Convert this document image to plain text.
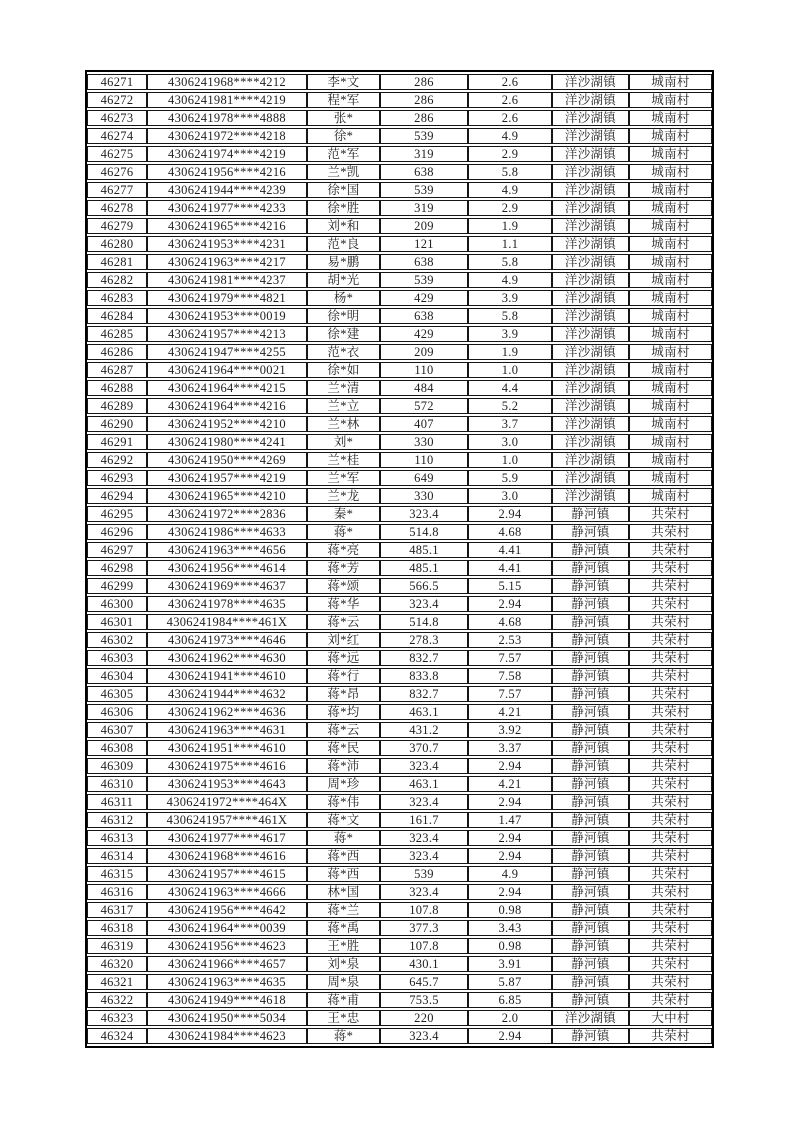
46271	4306241968****4212	李*文	286	2.6	洋沙湖镇	城南村
46272	4306241981****4219	程*军	286	2.6	洋沙湖镇	城南村
46273	4306241978****4888	张*	286	2.6	洋沙湖镇	城南村
46274	4306241972****4218	徐*	539	4.9	洋沙湖镇	城南村
46275	4306241974****4219	范*军	319	2.9	洋沙湖镇	城南村
46276	4306241956****4216	兰*凯	638	5.8	洋沙湖镇	城南村
46277	4306241944****4239	徐*国	539	4.9	洋沙湖镇	城南村
46278	4306241977****4233	徐*胜	319	2.9	洋沙湖镇	城南村
46279	4306241965****4216	刘*和	209	1.9	洋沙湖镇	城南村
46280	4306241953****4231	范*良	121	1.1	洋沙湖镇	城南村
46281	4306241963****4217	易*鹏	638	5.8	洋沙湖镇	城南村
46282	4306241981****4237	胡*光	539	4.9	洋沙湖镇	城南村
46283	4306241979****4821	杨*	429	3.9	洋沙湖镇	城南村
46284	4306241953****0019	徐*明	638	5.8	洋沙湖镇	城南村
46285	4306241957****4213	徐*建	429	3.9	洋沙湖镇	城南村
46286	4306241947****4255	范*衣	209	1.9	洋沙湖镇	城南村
46287	4306241964****0021	徐*如	110	1.0	洋沙湖镇	城南村
46288	4306241964****4215	兰*清	484	4.4	洋沙湖镇	城南村
46289	4306241964****4216	兰*立	572	5.2	洋沙湖镇	城南村
46290	4306241952****4210	兰*林	407	3.7	洋沙湖镇	城南村
46291	4306241980****4241	刘*	330	3.0	洋沙湖镇	城南村
46292	4306241950****4269	兰*桂	110	1.0	洋沙湖镇	城南村
46293	4306241957****4219	兰*军	649	5.9	洋沙湖镇	城南村
46294	4306241965****4210	兰*龙	330	3.0	洋沙湖镇	城南村
46295	4306241972****2836	秦*	323.4	2.94	静河镇	共荣村
46296	4306241986****4633	蒋*	514.8	4.68	静河镇	共荣村
46297	4306241963****4656	蒋*亮	485.1	4.41	静河镇	共荣村
46298	4306241956****4614	蒋*芳	485.1	4.41	静河镇	共荣村
46299	4306241969****4637	蒋*颂	566.5	5.15	静河镇	共荣村
46300	4306241978****4635	蒋*华	323.4	2.94	静河镇	共荣村
46301	4306241984****461X	蒋*云	514.8	4.68	静河镇	共荣村
46302	4306241973****4646	刘*红	278.3	2.53	静河镇	共荣村
46303	4306241962****4630	蒋*远	832.7	7.57	静河镇	共荣村
46304	4306241941****4610	蒋*行	833.8	7.58	静河镇	共荣村
46305	4306241944****4632	蒋*昂	832.7	7.57	静河镇	共荣村
46306	4306241962****4636	蒋*均	463.1	4.21	静河镇	共荣村
46307	4306241963****4631	蒋*云	431.2	3.92	静河镇	共荣村
46308	4306241951****4610	蒋*民	370.7	3.37	静河镇	共荣村
46309	4306241975****4616	蒋*沛	323.4	2.94	静河镇	共荣村
46310	4306241953****4643	周*珍	463.1	4.21	静河镇	共荣村
46311	4306241972****464X	蒋*伟	323.4	2.94	静河镇	共荣村
46312	4306241957****461X	蒋*文	161.7	1.47	静河镇	共荣村
46313	4306241977****4617	蒋*	323.4	2.94	静河镇	共荣村
46314	4306241968****4616	蒋*西	323.4	2.94	静河镇	共荣村
46315	4306241957****4615	蒋*西	539	4.9	静河镇	共荣村
46316	4306241963****4666	林*国	323.4	2.94	静河镇	共荣村
46317	4306241956****4642	蒋*兰	107.8	0.98	静河镇	共荣村
46318	4306241964****0039	蒋*禹	377.3	3.43	静河镇	共荣村
46319	4306241956****4623	王*胜	107.8	0.98	静河镇	共荣村
46320	4306241966****4657	刘*泉	430.1	3.91	静河镇	共荣村
46321	4306241963****4635	周*泉	645.7	5.87	静河镇	共荣村
46322	4306241949****4618	蒋*甫	753.5	6.85	静河镇	共荣村
46323	4306241950****5034	王*忠	220	2.0	洋沙湖镇	大中村
46324	4306241984****4623	蒋*	323.4	2.94	静河镇	共荣村
